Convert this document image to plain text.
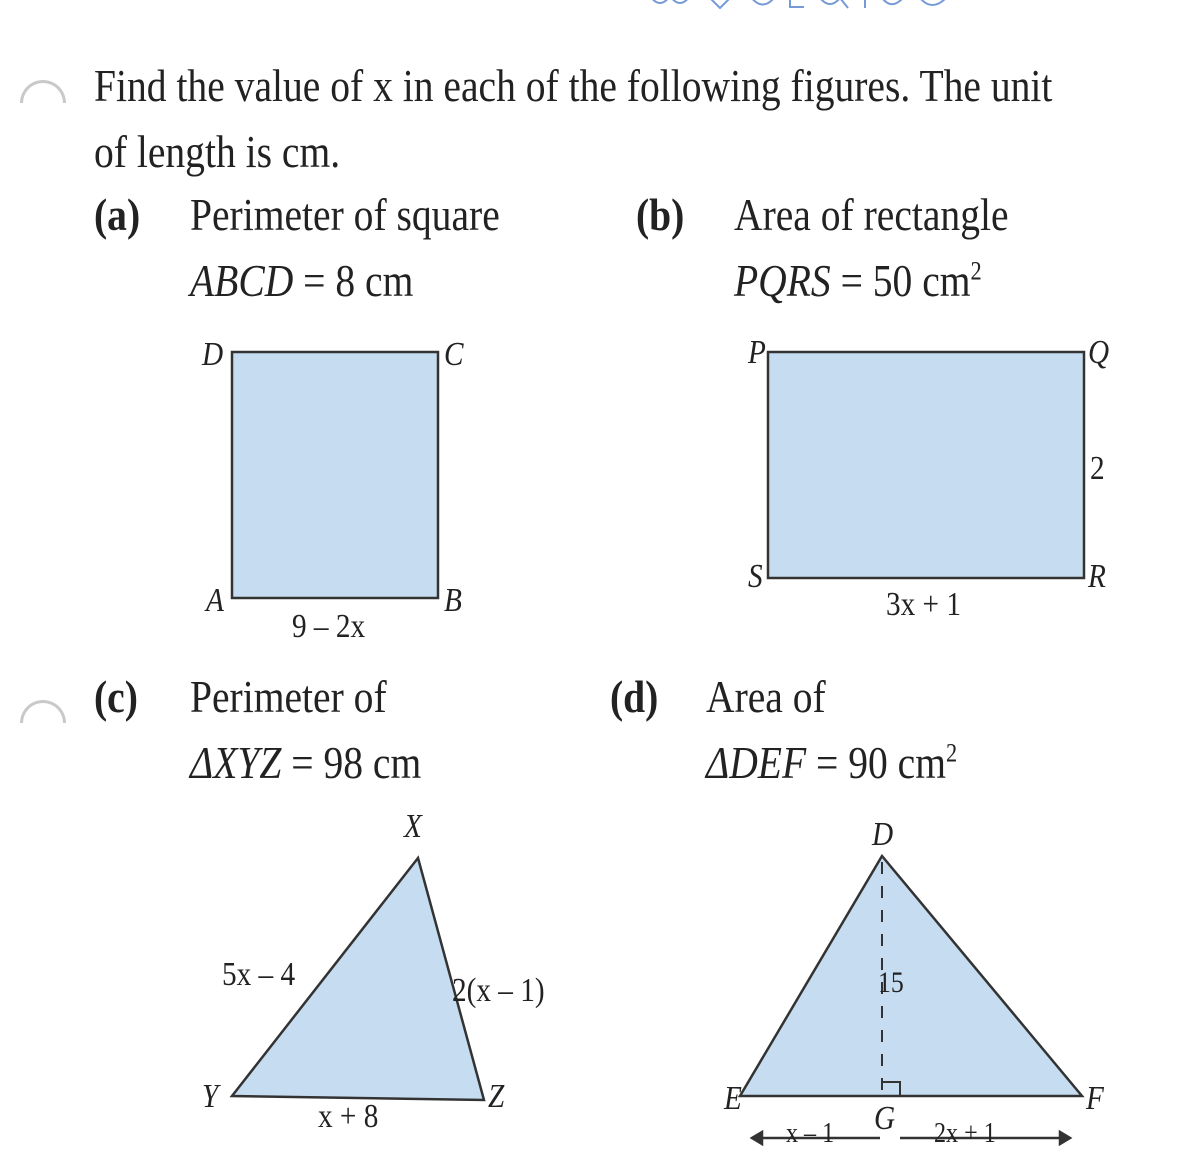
Find the value of x in each of the following figures. The unit
of length is cm.
(a) Perimeter of square
ABCD = 8 cm
(b) Area of rectangle
PQRS = 50 $cm^2$
(c) Perimeter of
ΔXYZ = 98 cm
(d) Area of
ΔDEF = 90 $cm^2$
D	C
A	B
9 – 2x
P	Q
S	R
2
3x + 1
X
Y	Z
5x – 4	2(x – 1)
x + 8
D
E	F
G
15
x – 1	2x + 1
